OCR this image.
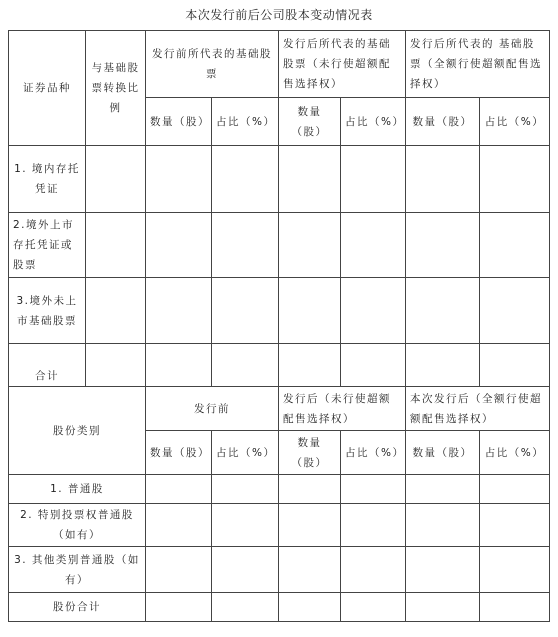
本次发行前后公司股本变动情况表
证券品种	与基础股票转换比例	发行前所代表的基础股票		发行后所代表的基础股票（未行使超额配售选择权）		发行后所代表的 基础股票（全额行使超额配售选择权）	
		数量（股）	占比（%）	数量（股）	占比（%）	数量（股）	占比（%）
1. 境内存托凭证							
2.境外上市存托凭证或股票							
3.境外未上市基础股票							
合计							
股份类别		发行前		发行后（未行使超额配售选择权）		本次发行后（全额行使超额配售选择权）	
		数量（股）	占比（%）	数量（股）	占比（%）	数量（股）	占比（%）
1. 普通股							
2. 特别投票权普通股（如有）							
3. 其他类别普通股（如有）							
股份合计							
